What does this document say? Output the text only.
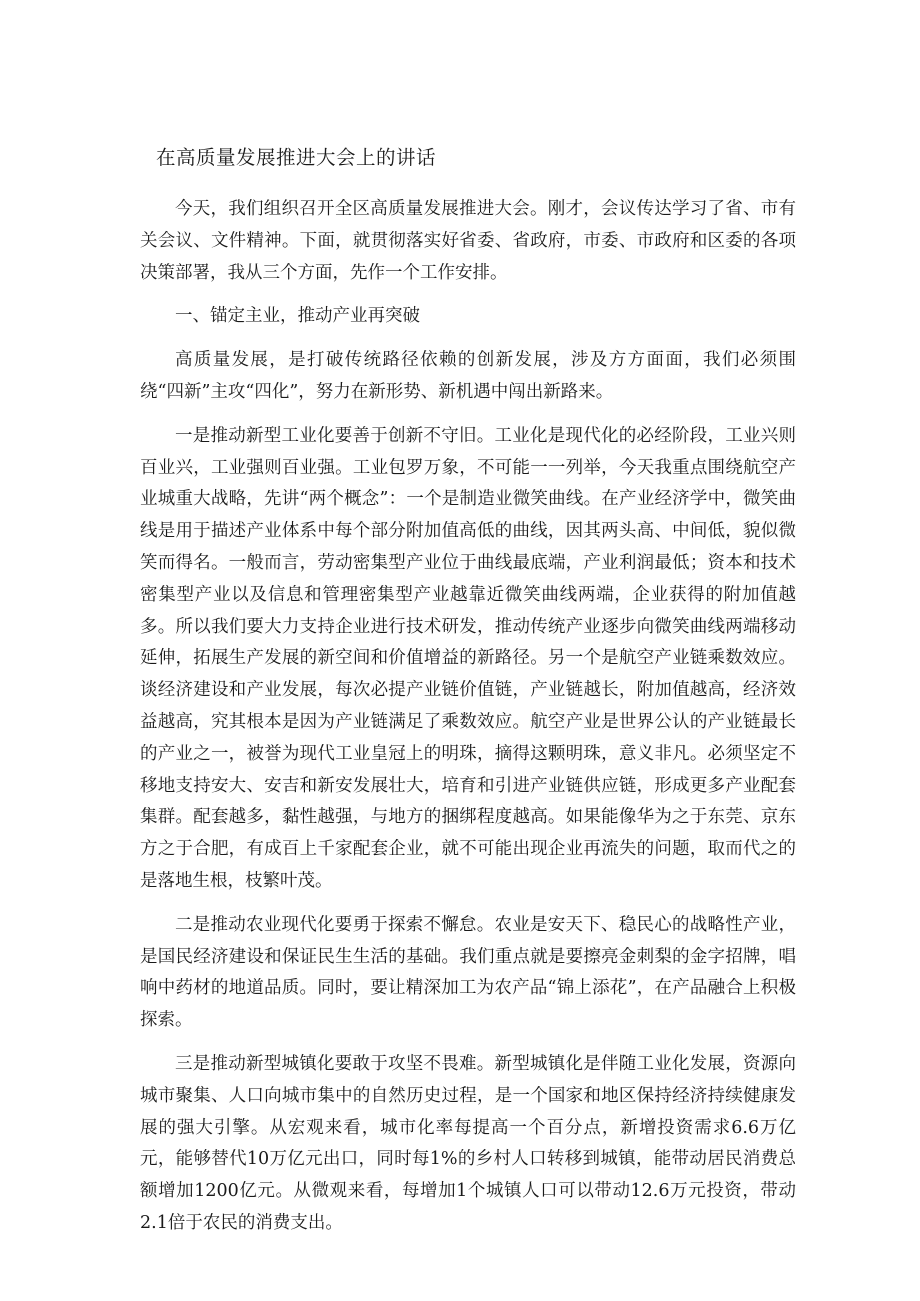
在高质量发展推进大会上的讲话

今天，我们组织召开全区高质量发展推进大会。刚才，会议传达学习了省、市有关会议、文件精神。下面，就贯彻落实好省委、省政府，市委、市政府和区委的各项决策部署，我从三个方面，先作一个工作安排。

一、锚定主业，推动产业再突破

高质量发展，是打破传统路径依赖的创新发展，涉及方方面面，我们必须围绕“四新”主攻“四化”，努力在新形势、新机遇中闯出新路来。

一是推动新型工业化要善于创新不守旧。工业化是现代化的必经阶段，工业兴则百业兴，工业强则百业强。工业包罗万象，不可能一一列举，今天我重点围绕航空产业城重大战略，先讲“两个概念”：一个是制造业微笑曲线。在产业经济学中，微笑曲线是用于描述产业体系中每个部分附加值高低的曲线，因其两头高、中间低，貌似微笑而得名。一般而言，劳动密集型产业位于曲线最底端，产业利润最低；资本和技术密集型产业以及信息和管理密集型产业越靠近微笑曲线两端，企业获得的附加值越多。所以我们要大力支持企业进行技术研发，推动传统产业逐步向微笑曲线两端移动延伸，拓展生产发展的新空间和价值增益的新路径。另一个是航空产业链乘数效应。谈经济建设和产业发展，每次必提产业链价值链，产业链越长，附加值越高，经济效益越高，究其根本是因为产业链满足了乘数效应。航空产业是世界公认的产业链最长的产业之一，被誉为现代工业皇冠上的明珠，摘得这颗明珠，意义非凡。必须坚定不移地支持安大、安吉和新安发展壮大，培育和引进产业链供应链，形成更多产业配套集群。配套越多，黏性越强，与地方的捆绑程度越高。如果能像华为之于东莞、京东方之于合肥，有成百上千家配套企业，就不可能出现企业再流失的问题，取而代之的是落地生根，枝繁叶茂。

二是推动农业现代化要勇于探索不懈怠。农业是安天下、稳民心的战略性产业，是国民经济建设和保证民生生活的基础。我们重点就是要擦亮金刺梨的金字招牌，唱响中药材的地道品质。同时，要让精深加工为农产品“锦上添花”，在产品融合上积极探索。

三是推动新型城镇化要敢于攻坚不畏难。新型城镇化是伴随工业化发展，资源向城市聚集、人口向城市集中的自然历史过程，是一个国家和地区保持经济持续健康发展的强大引擎。从宏观来看，城市化率每提高一个百分点，新增投资需求6.6万亿元，能够替代10万亿元出口，同时每1%的乡村人口转移到城镇，能带动居民消费总额增加1200亿元。从微观来看，每增加1个城镇人口可以带动12.6万元投资，带动2.1倍于农民的消费支出。
